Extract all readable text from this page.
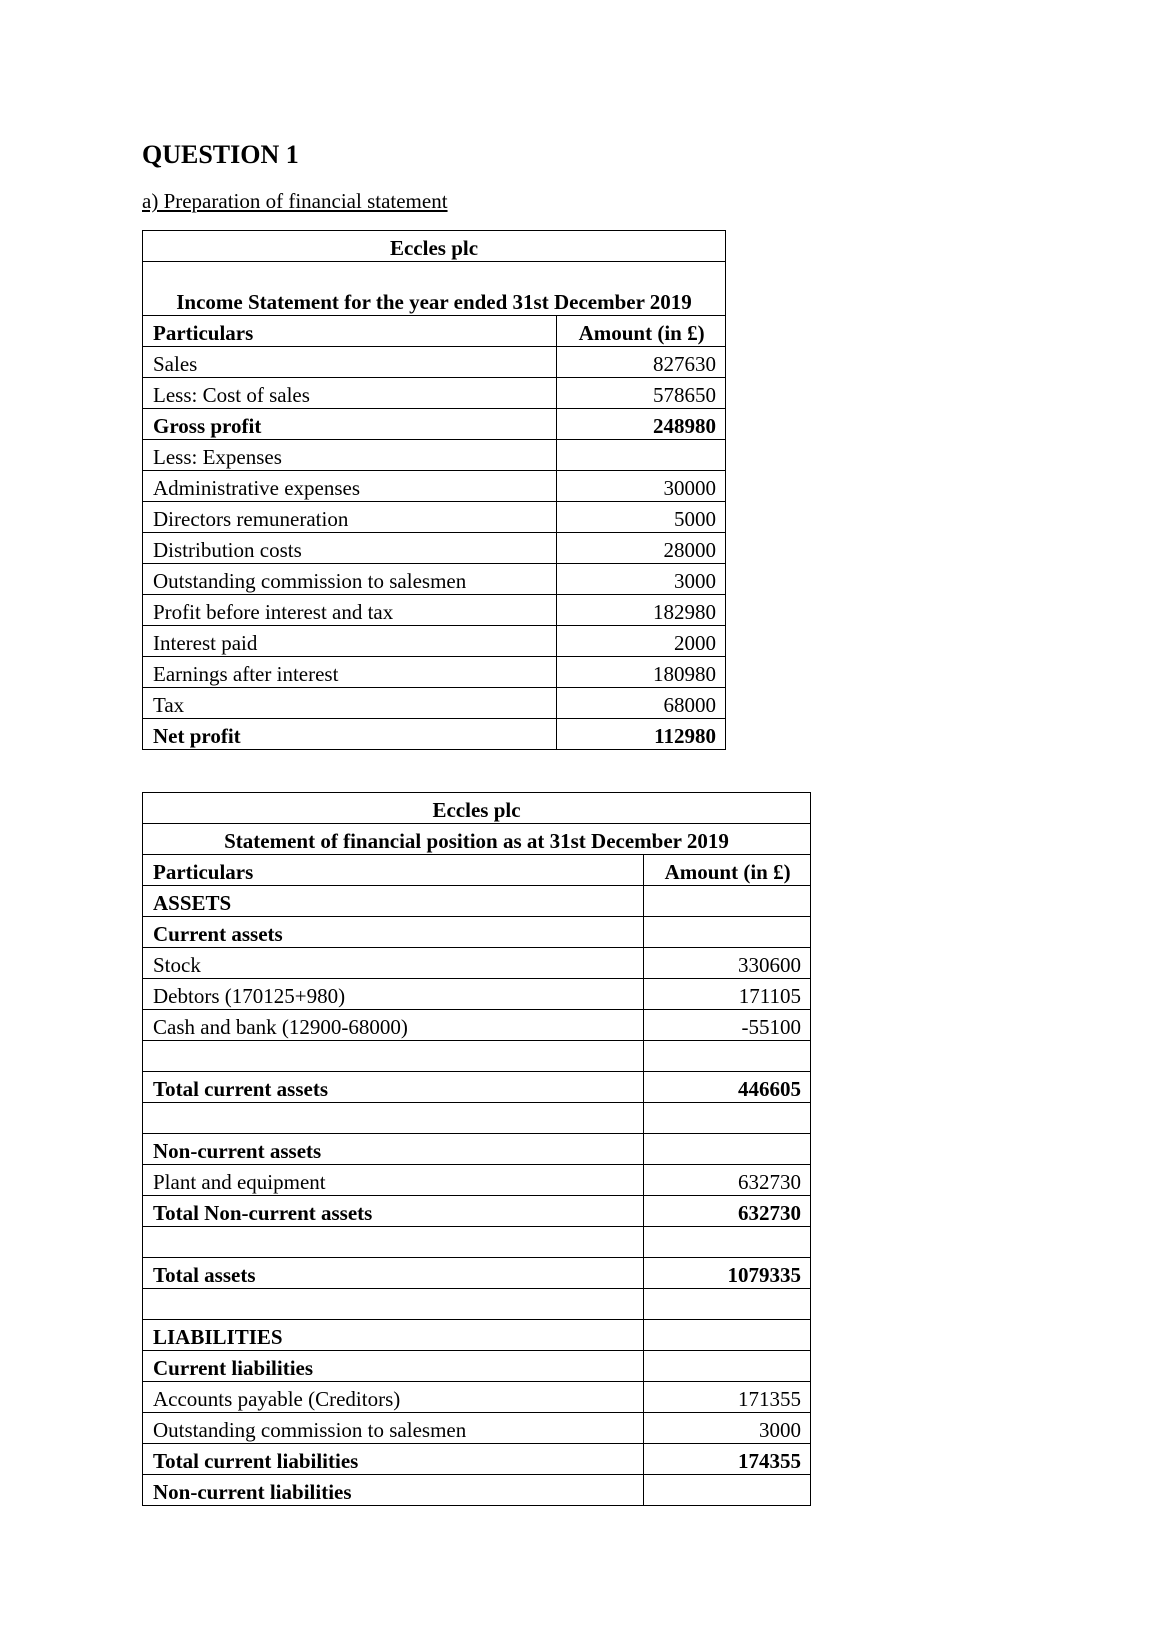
QUESTION 1
a) Preparation of financial statement
Eccles plc	
Income Statement for the year ended 31st December 2019	
Particulars	Amount (in £)
Sales	827630
Less: Cost of sales	578650
Gross profit	248980
Less: Expenses	
Administrative expenses	30000
Directors remuneration	5000
Distribution costs	28000
Outstanding commission to salesmen	3000
Profit before interest and tax	182980
Interest paid	2000
Earnings after interest	180980
Tax	68000
Net profit	112980
Eccles plc	
Statement of financial position as at 31st December 2019	
Particulars	Amount (in £)
ASSETS	
Current assets	
Stock	330600
Debtors (170125+980)	171105
Cash and bank (12900-68000)	-55100

Total current assets	446605

Non-current assets	
Plant and equipment	632730
Total Non-current assets	632730

Total assets	1079335

LIABILITIES	
Current liabilities	
Accounts payable (Creditors)	171355
Outstanding commission to salesmen	3000
Total current liabilities	174355
Non-current liabilities	
